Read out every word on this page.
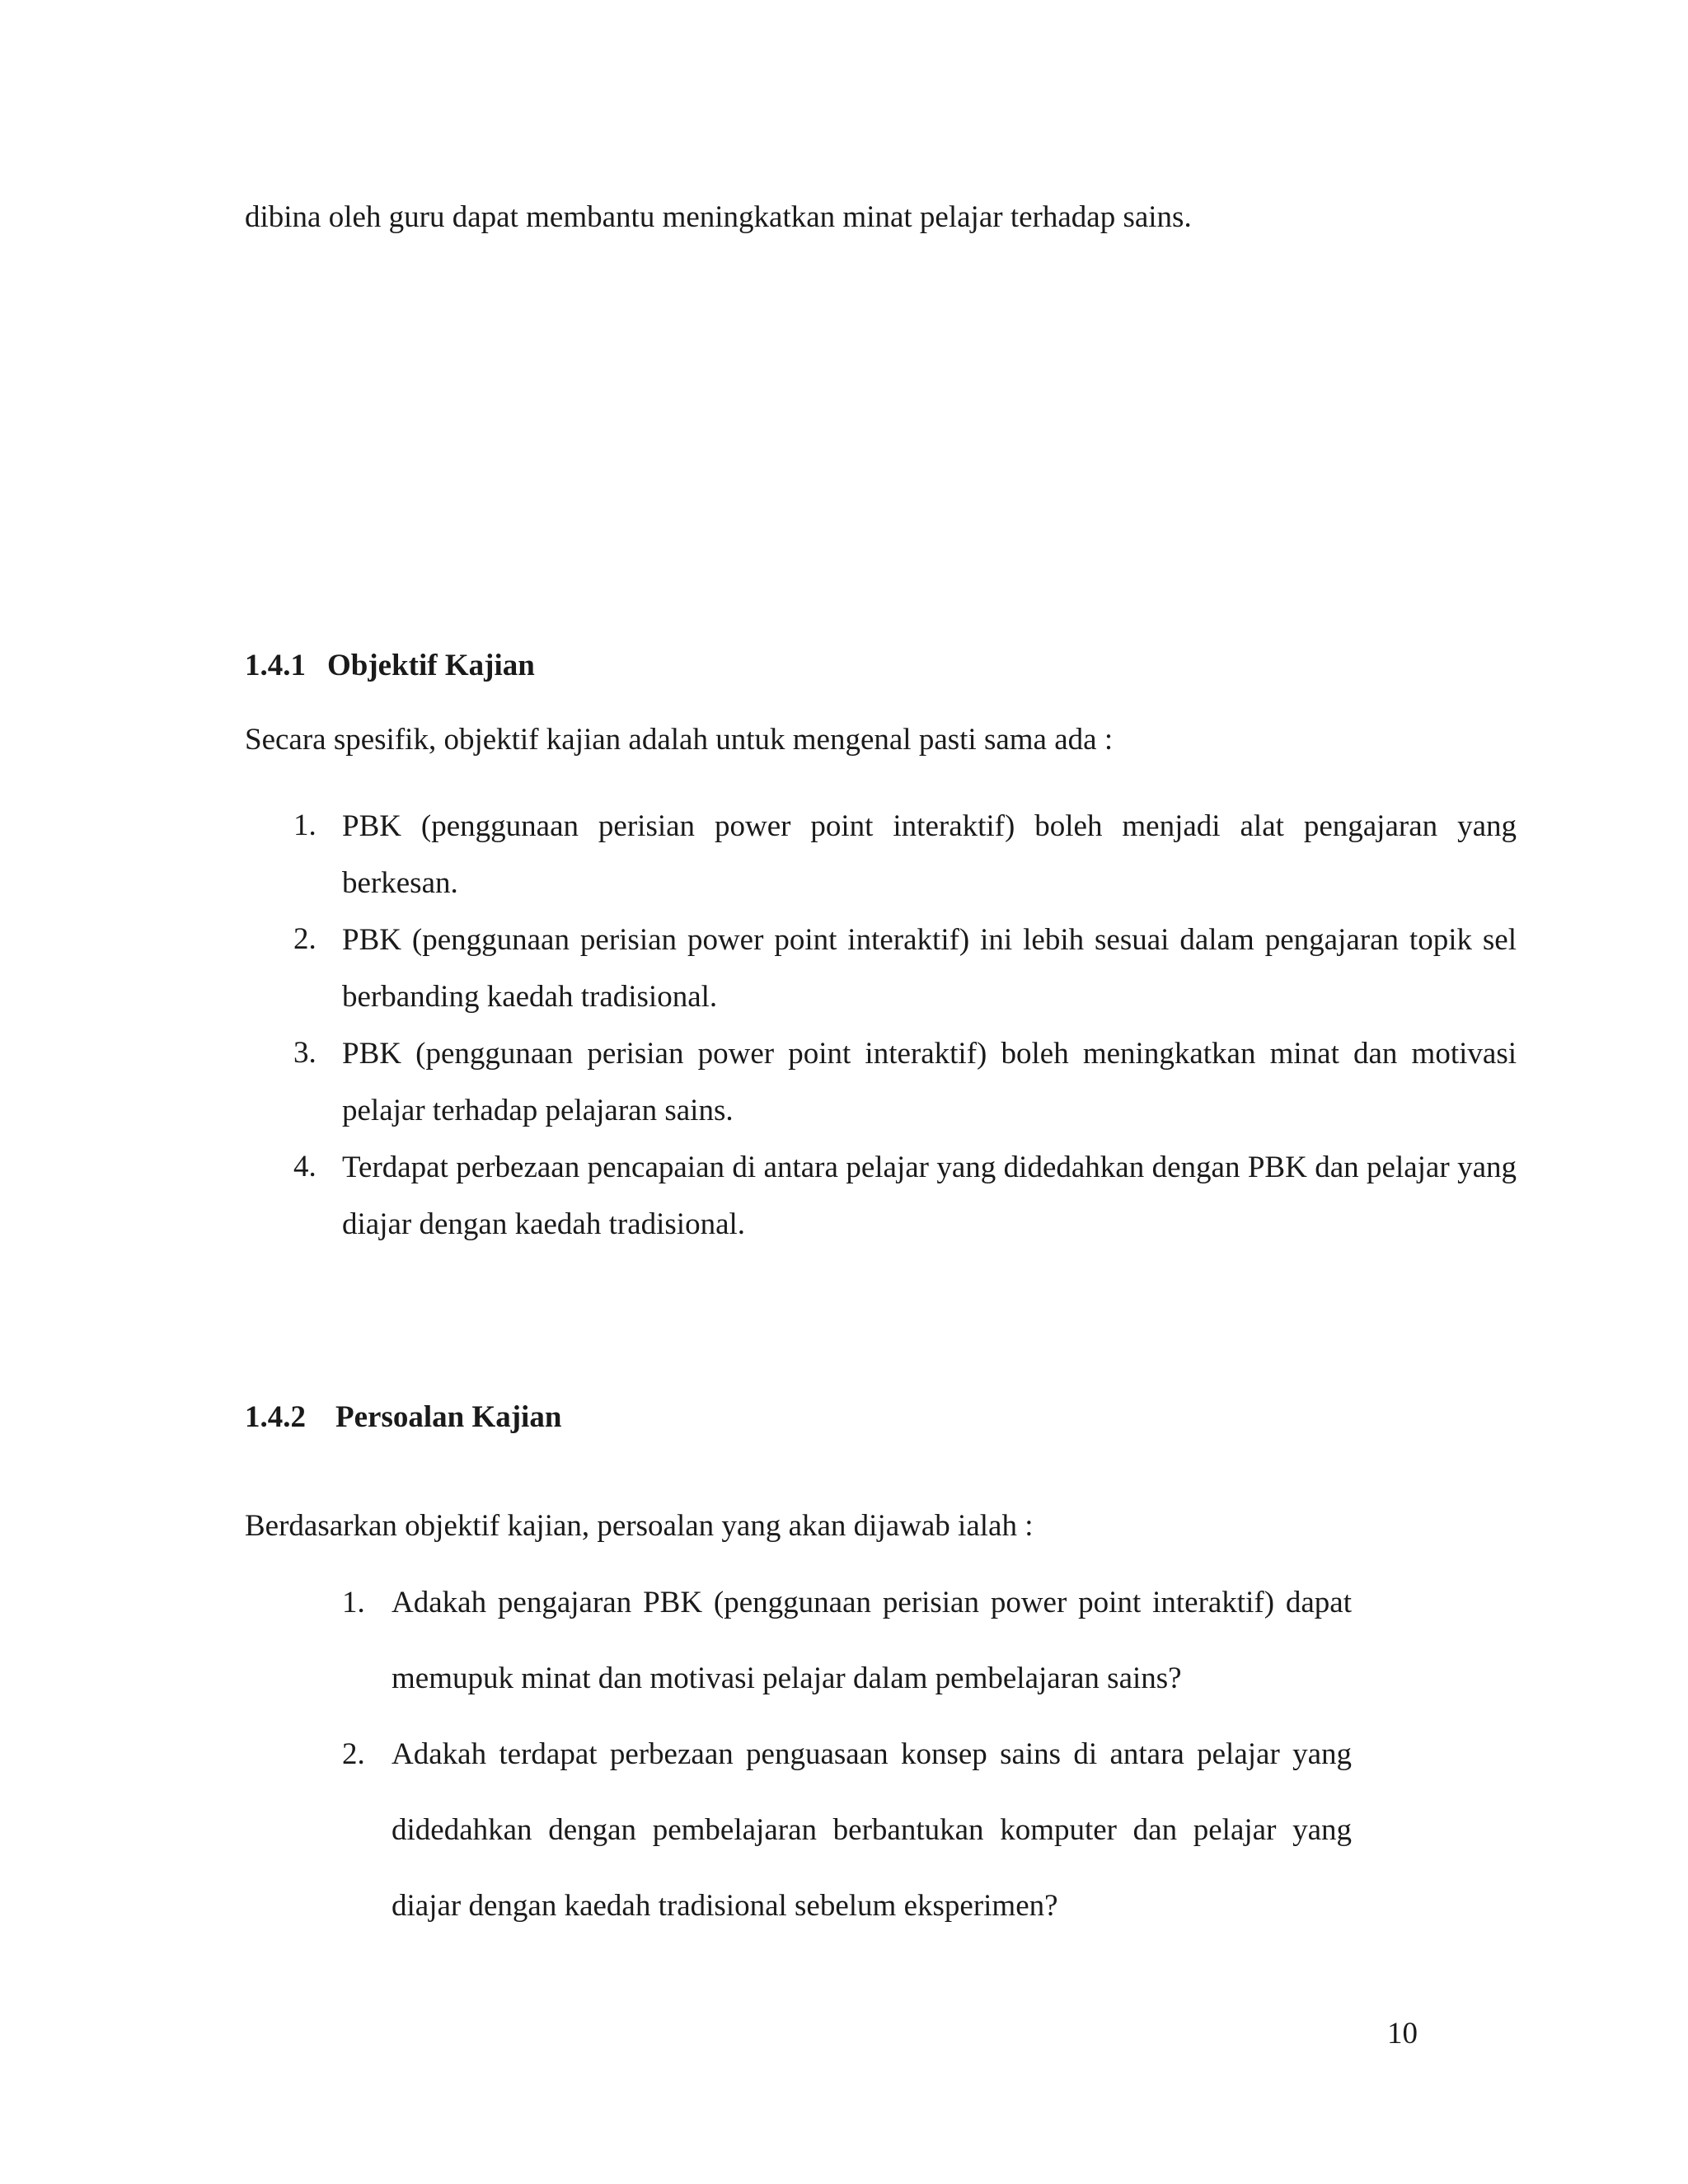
dibina oleh guru dapat membantu meningkatkan minat pelajar terhadap sains.

1.4.1 Objektif Kajian

Secara spesifik, objektif kajian adalah untuk mengenal pasti sama ada :

1. PBK (penggunaan perisian power point interaktif) boleh menjadi alat pengajaran yang berkesan.
2. PBK (penggunaan perisian power point interaktif) ini lebih sesuai dalam pengajaran topik sel berbanding kaedah tradisional.
3. PBK (penggunaan perisian power point interaktif) boleh meningkatkan minat dan motivasi pelajar terhadap pelajaran sains.
4. Terdapat perbezaan pencapaian di antara pelajar yang didedahkan dengan PBK dan pelajar yang diajar dengan kaedah tradisional.
1.4.2 Persoalan Kajian

Berdasarkan objektif kajian, persoalan yang akan dijawab ialah :

1. Adakah pengajaran PBK (penggunaan perisian power point interaktif) dapat memupuk minat dan motivasi pelajar dalam pembelajaran sains?
2. Adakah terdapat perbezaan penguasaan konsep sains di antara pelajar yang didedahkan dengan pembelajaran berbantukan komputer dan pelajar yang diajar dengan kaedah tradisional sebelum eksperimen?
10
